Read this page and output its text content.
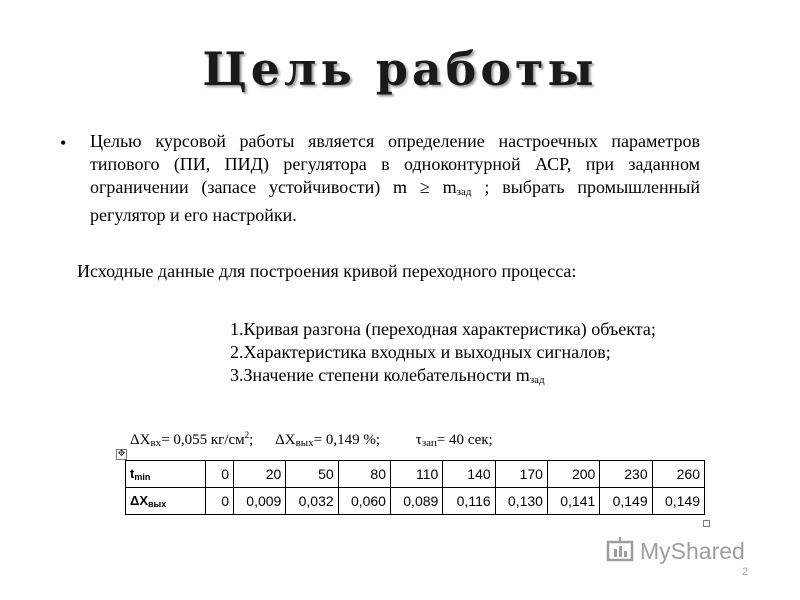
Цель работы
• Целью курсовой работы является определение настроечных параметров типового (ПИ, ПИД) регулятора в одноконтурной АСР, при заданном ограничении (запасе устойчивости) $m \ge m_{зад}$ ; выбрать промышленный регулятор и его настройки.
Исходные данные для построения кривой переходного процесса:
1.Кривая разгона (переходная характеристика) объекта;
2.Характеристика входных и выходных сигналов;
3.Значение степени колебательности $m_{зад}$
$\Delta X_{вх}= 0,055$ $кг/см^2$; $\Delta X_{вых}= 0,149$ %; $\tau_{зап}= 40$ сек;
✥
$t_{min}$	0	20	50	80	110	140	170	200	230	260
$\Delta X_{вых}$	0	0,009	0,032	0,060	0,089	0,116	0,130	0,141	0,149	0,149
MyShared
2
